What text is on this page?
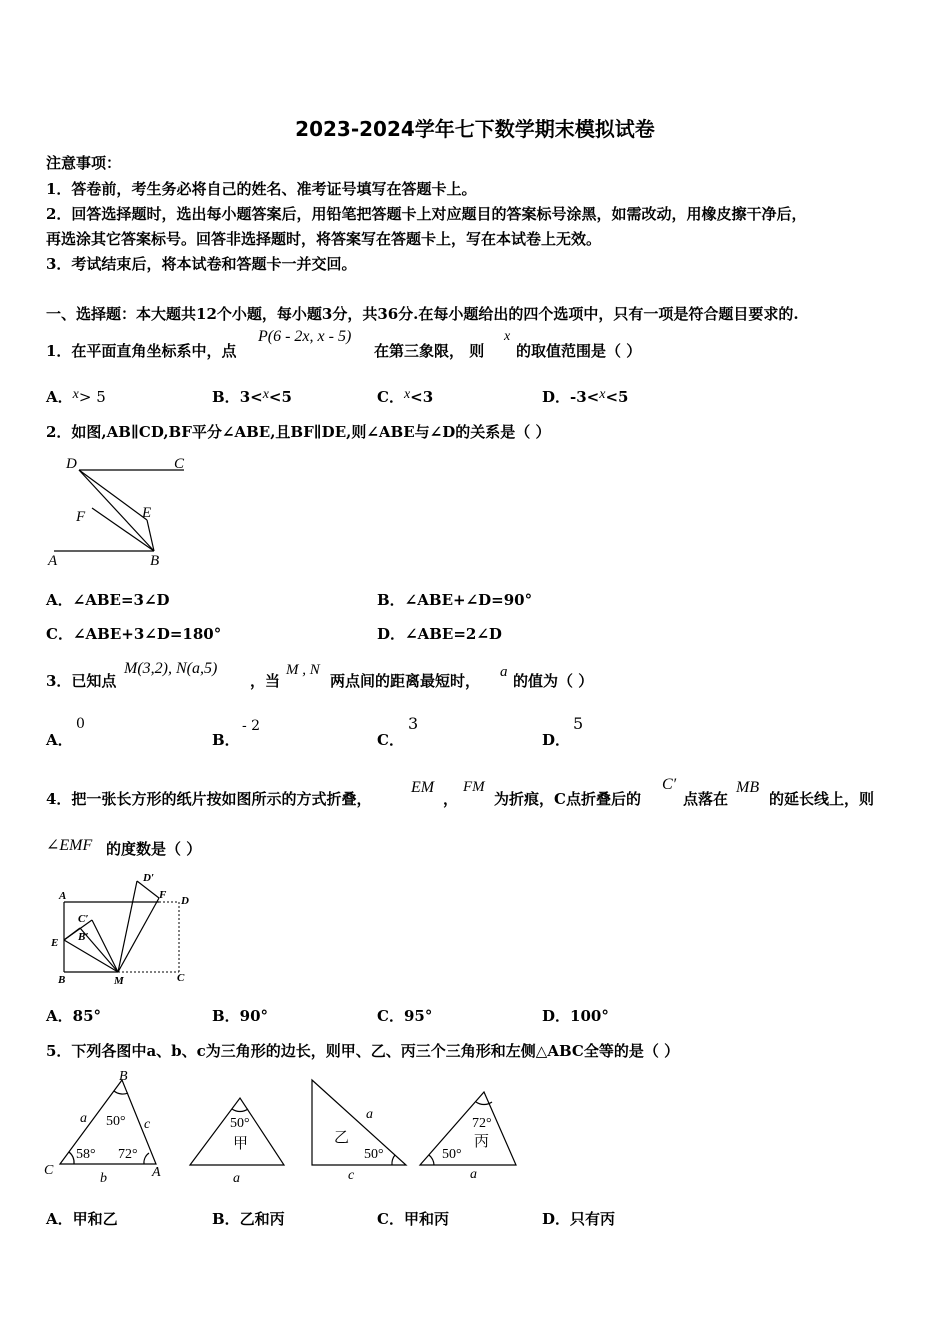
2023-2024学年七下数学期末模拟试卷
注意事项：
1．答卷前，考生务必将自己的姓名、准考证号填写在答题卡上。
2．回答选择题时，选出每小题答案后，用铅笔把答题卡上对应题目的答案标号涂黑，如需改动，用橡皮擦干净后，
再选涂其它答案标号。回答非选择题时，将答案写在答题卡上，写在本试卷上无效。
3．考试结束后，将本试卷和答题卡一并交回。
一、选择题：本大题共12个小题，每小题3分，共36分.在每小题给出的四个选项中，只有一项是符合题目要求的.
1．在平面直角坐标系中，点
P(6 - 2x, x - 5)
在第三象限， 则
x
的取值范围是（ ）
A．x> 5	B．3<x<5	C．x<3	D．-3<x<5
2．如图,AB∥CD,BF平分∠ABE,且BF∥DE,则∠ABE与∠D的关系是（ ）
D	C
F	E
A	B
A．∠ABE=3∠D	B．∠ABE+∠D=90°
C．∠ABE+3∠D=180°	D．∠ABE=2∠D
3．已知点
M(3,2), N(a,5)
，当
M , N
两点间的距离最短时， a 的值为（ ）
A．
0
B．
- 2
C．
3
D．
5
4．把一张长方形的纸片按如图所示的方式折叠，
EM
，
FM
为折痕，C点折叠后的
C′
点落在
MB
的延长线上，则
∠EMF 的度数是（ ）
A
D′
F D
C′
B′
E
B	M	C
A．85°	B．90°	C．95°	D．100°
5．下列各图中a、b、c为三角形的边长，则甲、乙、丙三个三角形和左侧△ABC全等的是（ ）
B
C	A
a	c
b
50°
58° 72°
50°
甲
a
乙
a
c
50°
72°
丙
50°
a
A．甲和乙	B．乙和丙	C．甲和丙	D．只有丙
